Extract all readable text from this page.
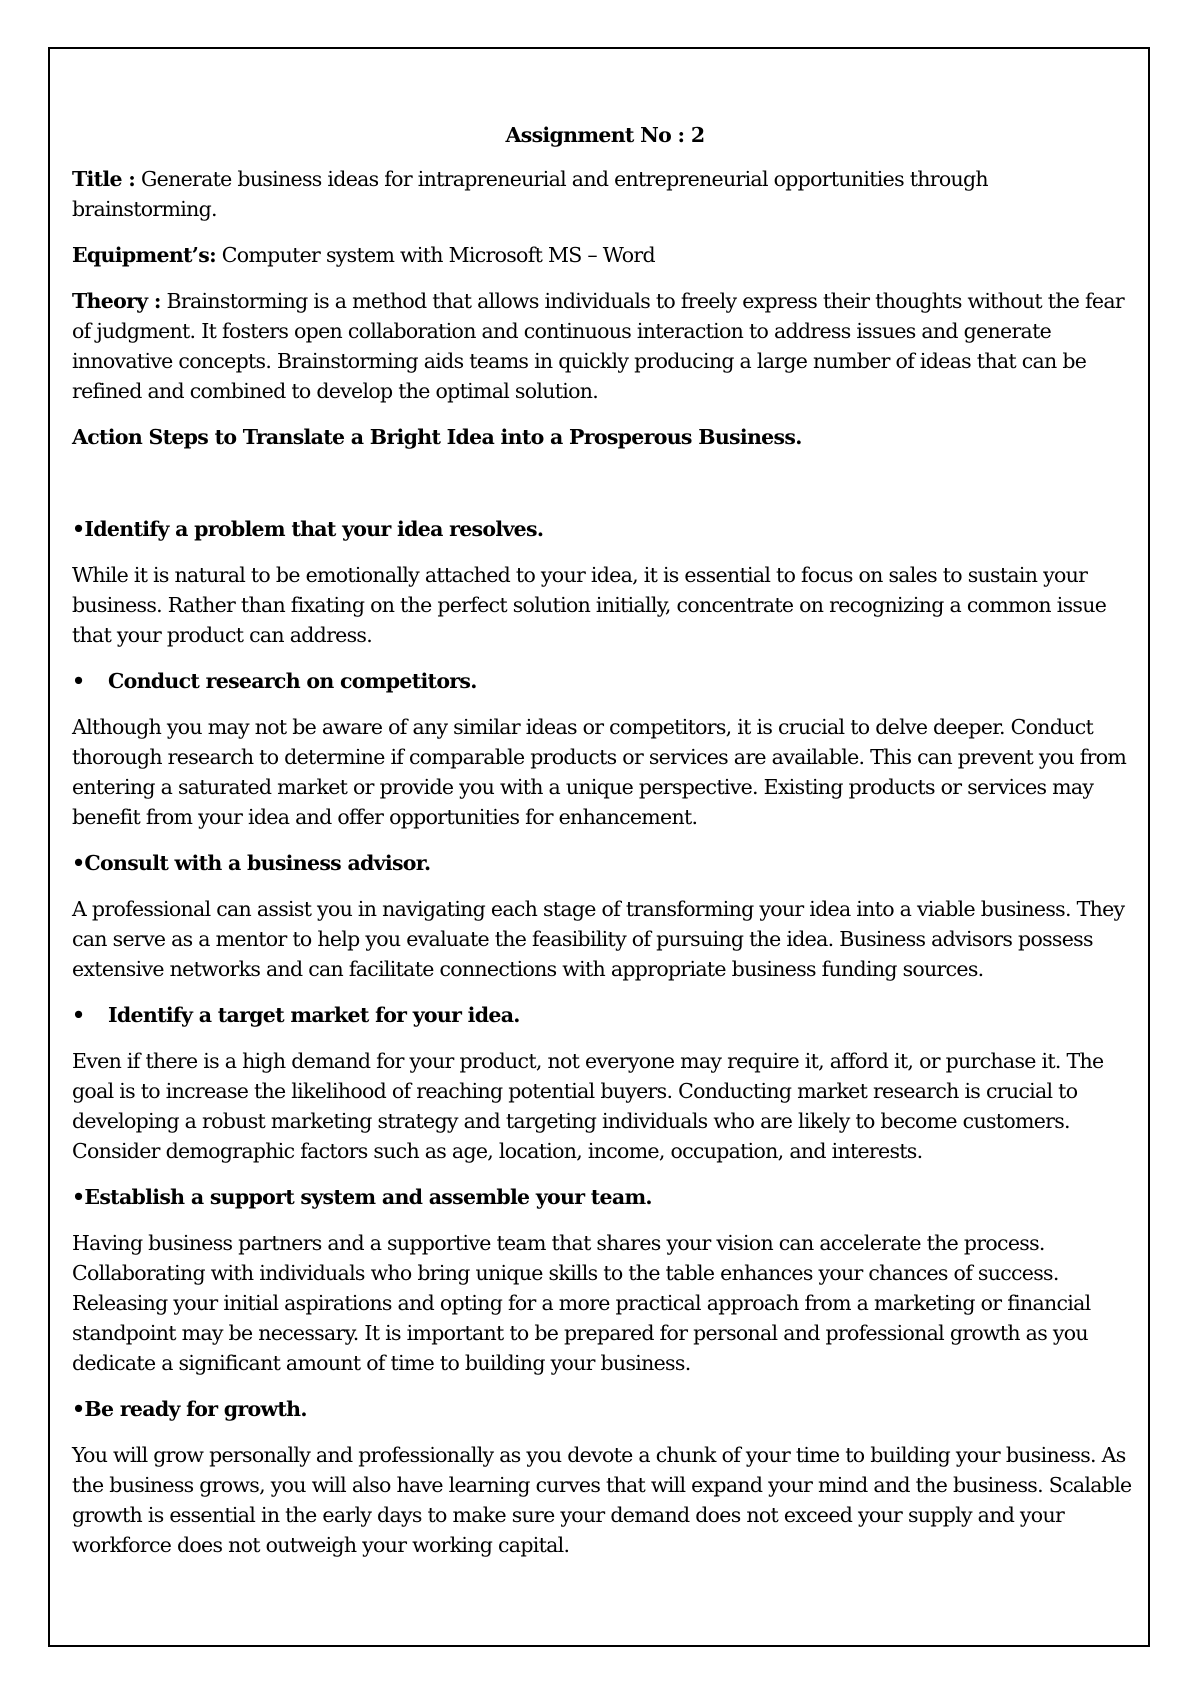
Assignment No : 2

Title : Generate business ideas for intrapreneurial and entrepreneurial opportunities through brainstorming.

Equipment’s: Computer system with Microsoft MS – Word

Theory : Brainstorming is a method that allows individuals to freely express their thoughts without the fear of judgment. It fosters open collaboration and continuous interaction to address issues and generate innovative concepts. Brainstorming aids teams in quickly producing a large number of ideas that can be refined and combined to develop the optimal solution.

Action Steps to Translate a Bright Idea into a Prosperous Business.

•Identify a problem that your idea resolves.

While it is natural to be emotionally attached to your idea, it is essential to focus on sales to sustain your business. Rather than fixating on the perfect solution initially, concentrate on recognizing a common issue that your product can address.

•	Conduct research on competitors.

Although you may not be aware of any similar ideas or competitors, it is crucial to delve deeper. Conduct thorough research to determine if comparable products or services are available. This can prevent you from entering a saturated market or provide you with a unique perspective. Existing products or services may benefit from your idea and offer opportunities for enhancement.

•Consult with a business advisor.

A professional can assist you in navigating each stage of transforming your idea into a viable business. They can serve as a mentor to help you evaluate the feasibility of pursuing the idea. Business advisors possess extensive networks and can facilitate connections with appropriate business funding sources.

•	Identify a target market for your idea.

Even if there is a high demand for your product, not everyone may require it, afford it, or purchase it. The goal is to increase the likelihood of reaching potential buyers. Conducting market research is crucial to developing a robust marketing strategy and targeting individuals who are likely to become customers. Consider demographic factors such as age, location, income, occupation, and interests.

•Establish a support system and assemble your team.

Having business partners and a supportive team that shares your vision can accelerate the process. Collaborating with individuals who bring unique skills to the table enhances your chances of success. Releasing your initial aspirations and opting for a more practical approach from a marketing or financial standpoint may be necessary. It is important to be prepared for personal and professional growth as you dedicate a significant amount of time to building your business.

•Be ready for growth.

You will grow personally and professionally as you devote a chunk of your time to building your business. As the business grows, you will also have learning curves that will expand your mind and the business. Scalable growth is essential in the early days to make sure your demand does not exceed your supply and your workforce does not outweigh your working capital.
